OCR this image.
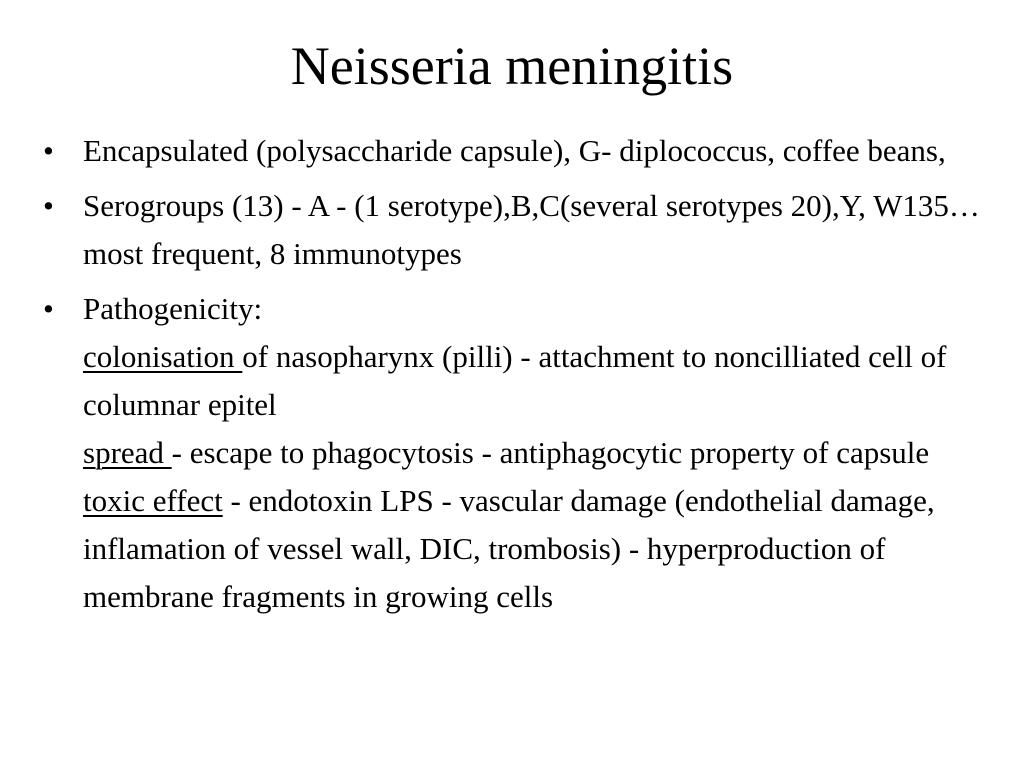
Neisseria meningitis
• Encapsulated (polysaccharide capsule), G- diplococcus, coffee beans,
• Serogroups (13) - A - (1 serotype),B,C(several serotypes 20),Y, W135… most frequent, 8 immunotypes
• Pathogenicity:
colonisation of nasopharynx (pilli) - attachment to noncilliated cell of columnar epitel
spread - escape to phagocytosis - antiphagocytic property of capsule
toxic effect - endotoxin LPS - vascular damage (endothelial damage, inflamation of vessel wall, DIC, trombosis) - hyperproduction of membrane fragments in growing cells
